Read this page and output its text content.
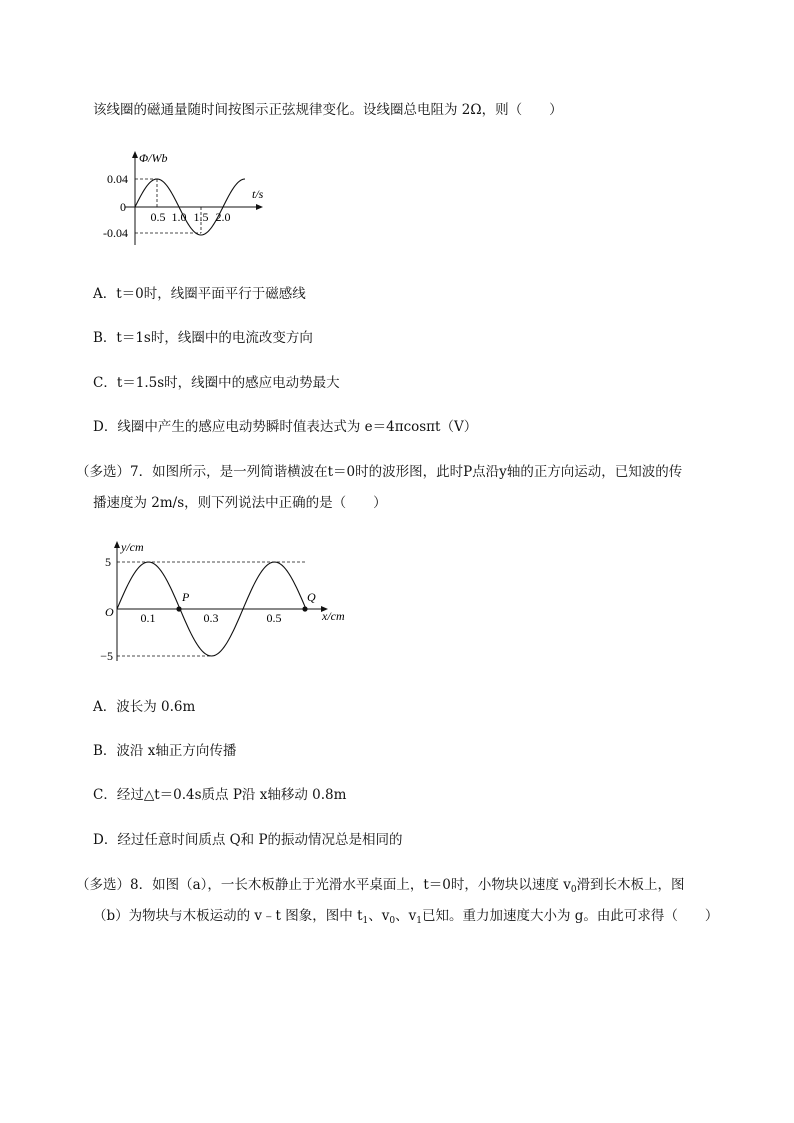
该线圈的磁通量随时间按图示正弦规律变化。设线圈总电阻为 2Ω，则（　　）
Φ/Wb
t/s
0.04
0
-0.04
0.5 1.0 1.5 2.0
A．t＝0时，线圈平面平行于磁感线
B．t＝1s时，线圈中的电流改变方向
C．t＝1.5s时，线圈中的感应电动势最大
D．线圈中产生的感应电动势瞬时值表达式为 e＝4πcosπt（V）
（多选）7．如图所示，是一列简谐横波在t＝0时的波形图，此时P点沿y轴的正方向运动，已知波的传
播速度为 2m/s，则下列说法中正确的是（　　）
y/cm
x/cm
O
5
−5
0.1	0.3	0.5
P	Q
A．波长为 0.6m
B．波沿 x轴正方向传播
C．经过△t＝0.4s质点 P沿 x轴移动 0.8m
D．经过任意时间质点 Q和 P的振动情况总是相同的
（多选）8．如图（a），一长木板静止于光滑水平桌面上，t＝0时，小物块以速度 $v_0$滑到长木板上，图
（b）为物块与木板运动的 v﹣t 图象，图中 $t_1$、$v_0$、$v_1$已知。重力加速度大小为 g。由此可求得（　　）
